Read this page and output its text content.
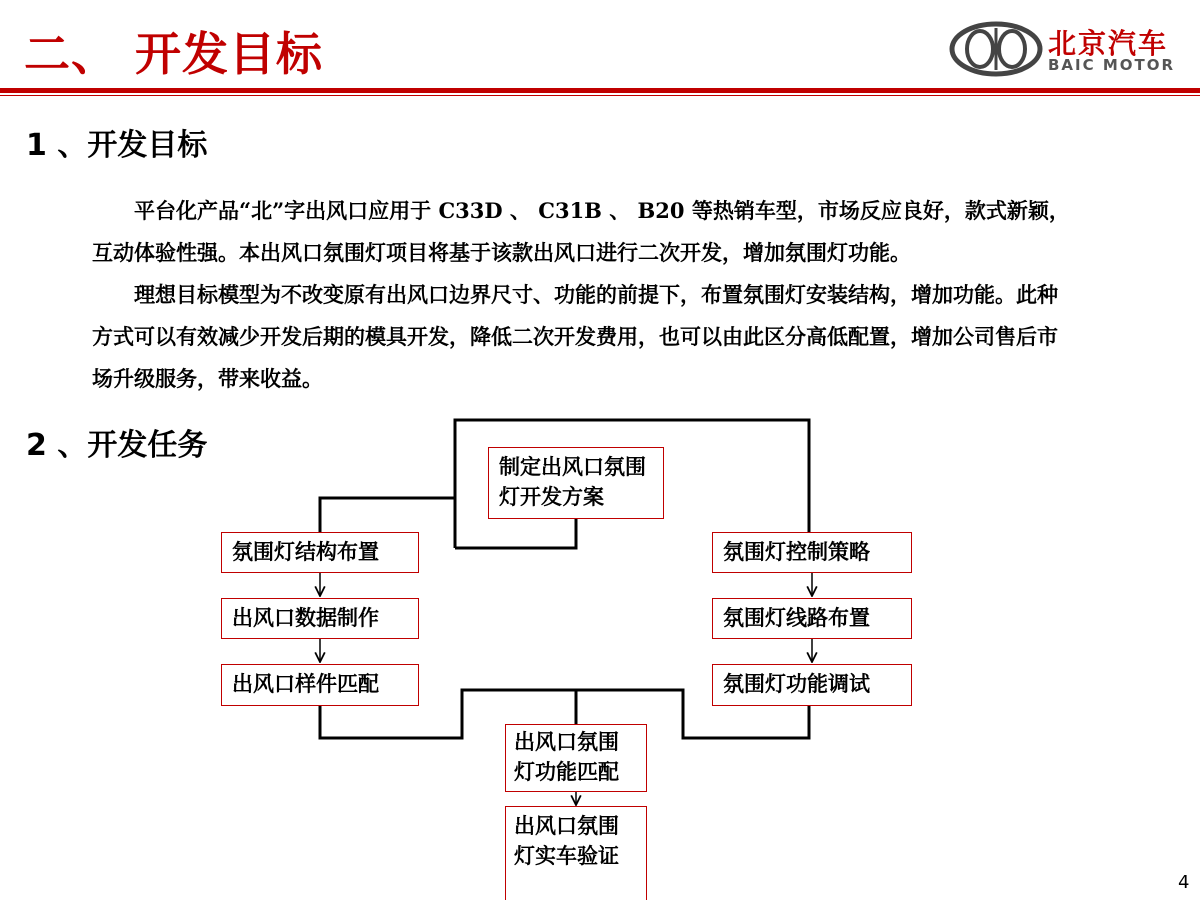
二、 开发目标	北京汽车

BAIC MOTOR

1 、开发目标

平台化产品“北”字出风口应用于 C33D 、 C31B 、 B20 等热销车型，市场反应良好，款式新颖，互动体验性强。本出风口氛围灯项目将基于该款出风口进行二次开发，增加氛围灯功能。

理想目标模型为不改变原有出风口边界尺寸、功能的前提下，布置氛围灯安装结构，增加功能。此种方式可以有效减少开发后期的模具开发，降低二次开发费用，也可以由此区分高低配置，增加公司售后市场升级服务，带来收益。

2 、开发任务
制定出风口氛围灯开发方案
氛围灯结构布置
出风口数据制作
出风口样件匹配
氛围灯控制策略
氛围灯线路布置
氛围灯功能调试
出风口氛围灯功能匹配
出风口氛围灯实车验证

4
